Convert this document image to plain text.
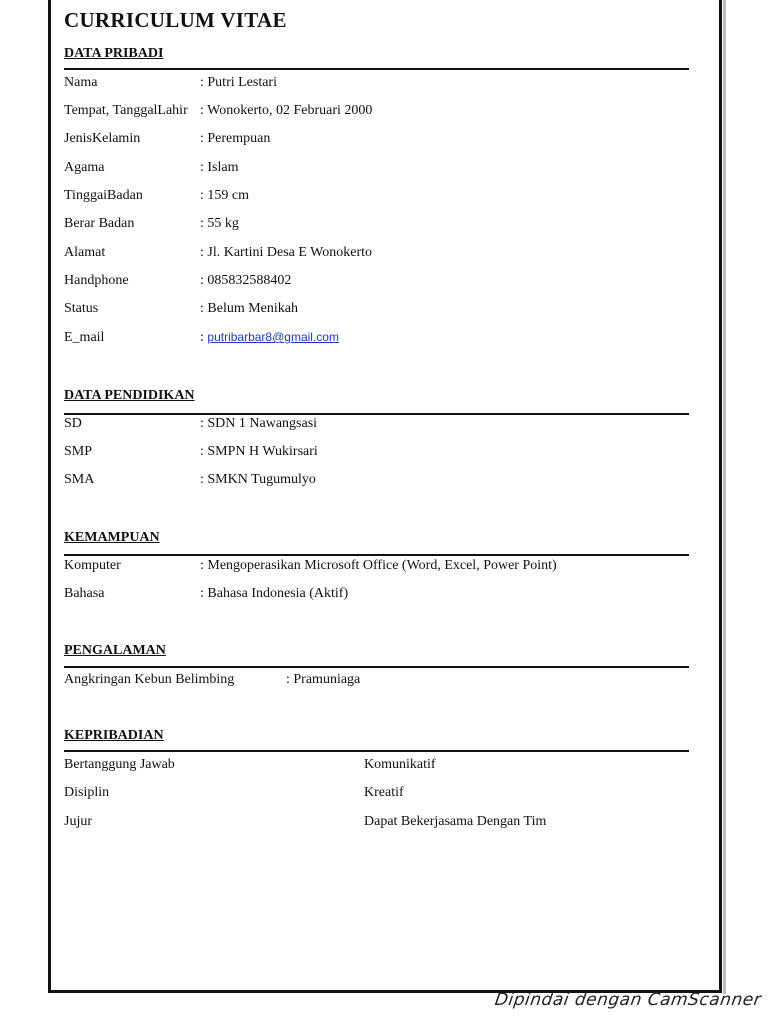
CURRICULUM VITAE
DATA PRIBADI
Nama	: Putri Lestari
Tempat, TanggalLahir : Wonokerto, 02 Februari 2000
JenisKelamin	: Perempuan
Agama	: Islam
TinggaiBadan	: 159 cm
Berar Badan	: 55 kg
Alamat	: Jl. Kartini Desa E Wonokerto
Handphone	: 085832588402
Status	: Belum Menikah
E_mail	: putribarbar8@gmail.com
DATA PENDIDIKAN
SD	: SDN 1 Nawangsasi
SMP	: SMPN H Wukirsari
SMA	: SMKN Tugumulyo
KEMAMPUAN
Komputer	: Mengoperasikan Microsoft Office (Word, Excel, Power Point)
Bahasa	: Bahasa Indonesia (Aktif)
PENGALAMAN
Angkringan Kebun Belimbing	: Pramuniaga
KEPRIBADIAN
Bertanggung Jawab	Komunikatif
Disiplin	Kreatif
Jujur	Dapat Bekerjasama Dengan Tim
Dipindai dengan CamScanner
